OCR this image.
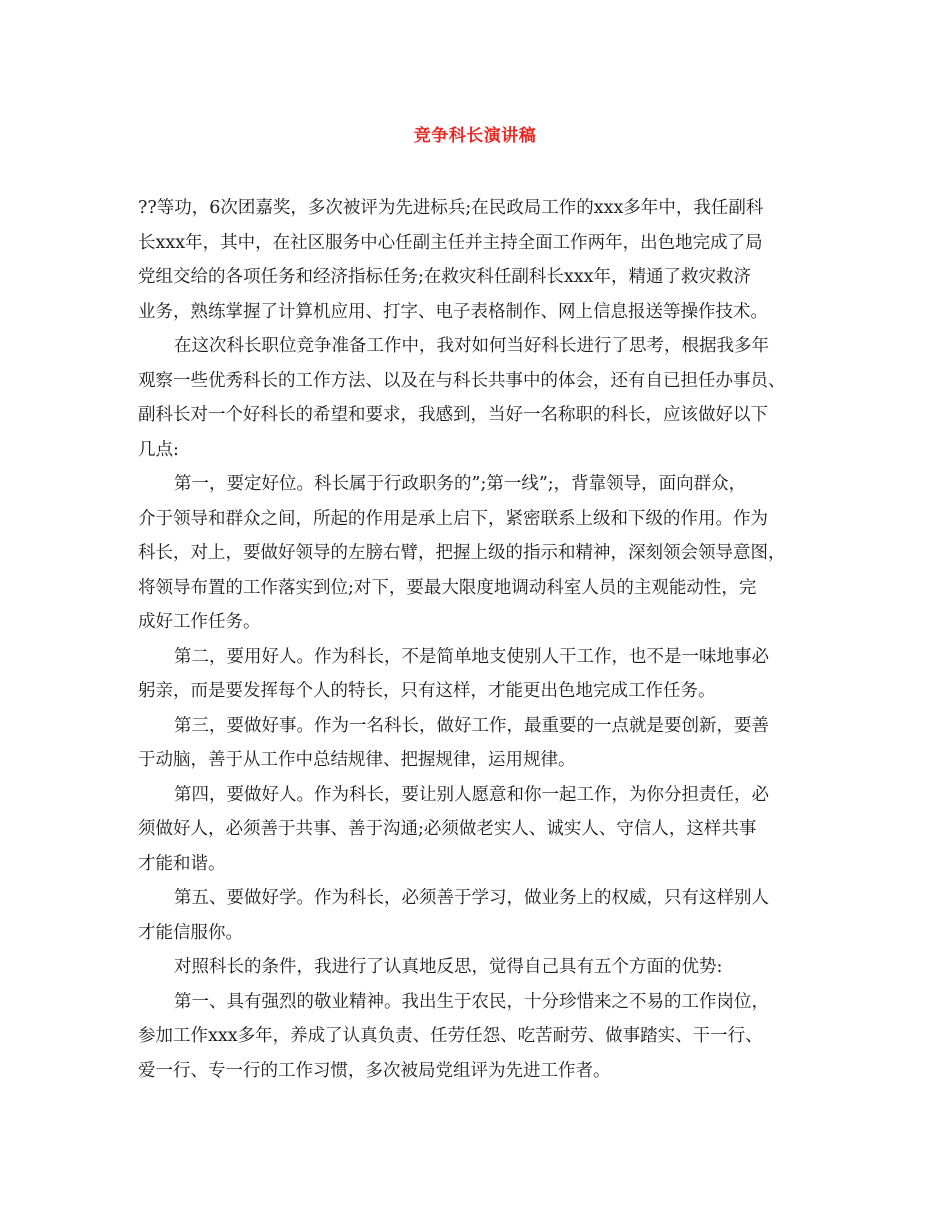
竞争科长演讲稿
??等功，6次团嘉奖，多次被评为先进标兵;在民政局工作的xxx多年中，我任副科
长xxx年，其中，在社区服务中心任副主任并主持全面工作两年，出色地完成了局
党组交给的各项任务和经济指标任务;在救灾科任副科长xxx年，精通了救灾救济
业务，熟练掌握了计算机应用、打字、电子表格制作、网上信息报送等操作技术。
在这次科长职位竞争准备工作中，我对如何当好科长进行了思考，根据我多年
观察一些优秀科长的工作方法、以及在与科长共事中的体会，还有自已担任办事员、
副科长对一个好科长的希望和要求，我感到，当好一名称职的科长，应该做好以下
几点:
第一，要定好位。科长属于行政职务的”;第一线”;，背靠领导，面向群众，
介于领导和群众之间，所起的作用是承上启下，紧密联系上级和下级的作用。作为
科长，对上，要做好领导的左膀右臂，把握上级的指示和精神，深刻领会领导意图，
将领导布置的工作落实到位;对下，要最大限度地调动科室人员的主观能动性，完
成好工作任务。
第二，要用好人。作为科长，不是简单地支使别人干工作，也不是一味地事必
躬亲，而是要发挥每个人的特长，只有这样，才能更出色地完成工作任务。
第三，要做好事。作为一名科长，做好工作，最重要的一点就是要创新，要善
于动脑，善于从工作中总结规律、把握规律，运用规律。
第四，要做好人。作为科长，要让别人愿意和你一起工作，为你分担责任，必
须做好人，必须善于共事、善于沟通;必须做老实人、诚实人、守信人，这样共事
才能和谐。
第五、要做好学。作为科长，必须善于学习，做业务上的权威，只有这样别人
才能信服你。
对照科长的条件，我进行了认真地反思，觉得自己具有五个方面的优势:
第一、具有强烈的敬业精神。我出生于农民，十分珍惜来之不易的工作岗位，
参加工作xxx多年，养成了认真负责、任劳任怨、吃苦耐劳、做事踏实、干一行、
爱一行、专一行的工作习惯，多次被局党组评为先进工作者。
